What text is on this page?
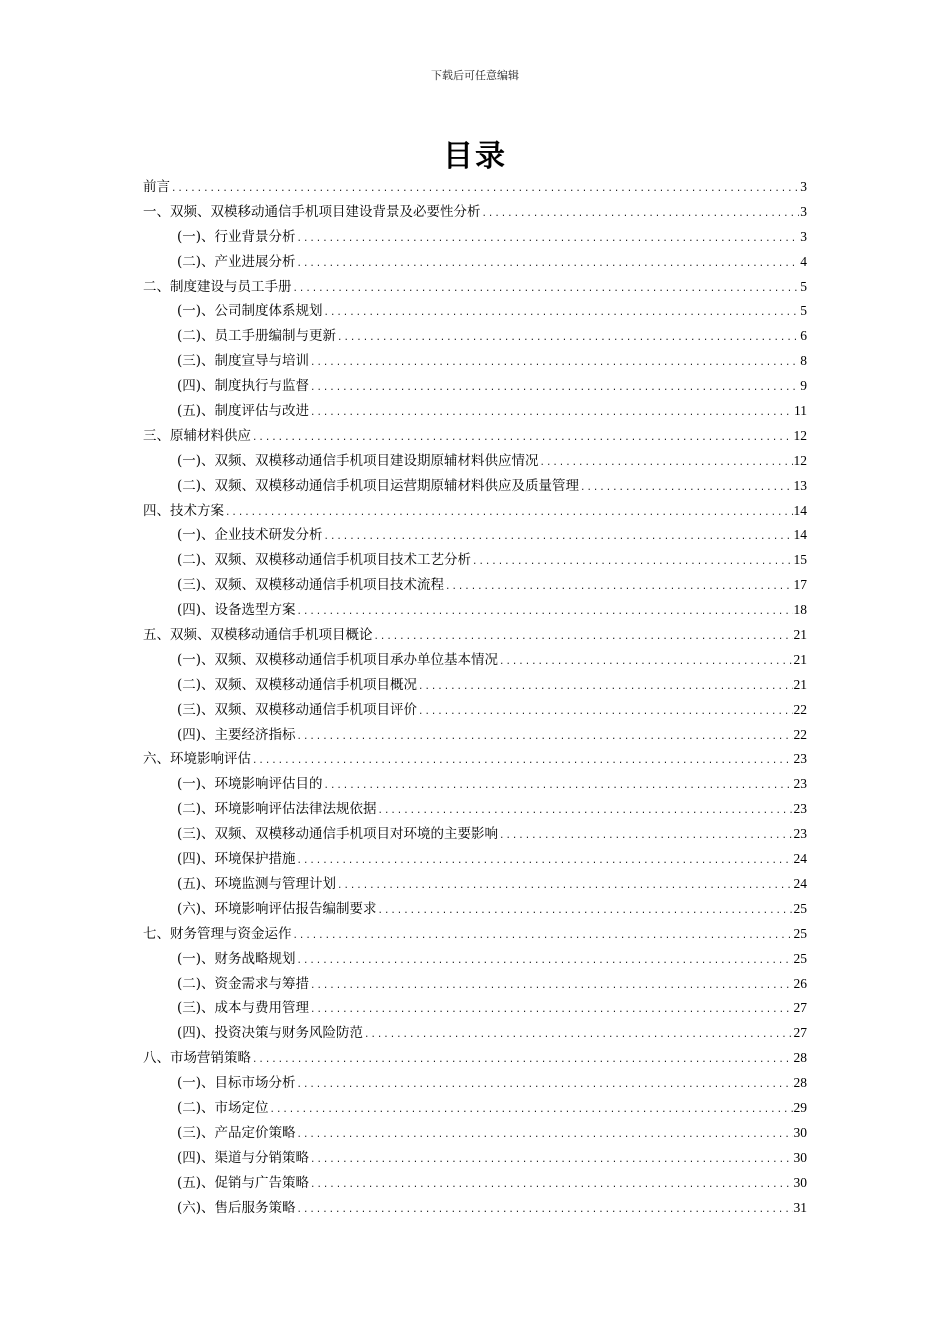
下载后可任意编辑
目录
前言 .....	3
一、双频、双模移动通信手机项目建设背景及必要性分析 .....	3
(一)、行业背景分析 .....	3
(二)、产业进展分析 .....	4
二、制度建设与员工手册 .....	5
(一)、公司制度体系规划 .....	5
(二)、员工手册编制与更新 .....	6
(三)、制度宣导与培训 .....	8
(四)、制度执行与监督 .....	9
(五)、制度评估与改进 .....	11
三、原辅材料供应 .....	12
(一)、双频、双模移动通信手机项目建设期原辅材料供应情况 .....	12
(二)、双频、双模移动通信手机项目运营期原辅材料供应及质量管理 .....	13
四、技术方案 .....	14
(一)、企业技术研发分析 .....	14
(二)、双频、双模移动通信手机项目技术工艺分析 .....	15
(三)、双频、双模移动通信手机项目技术流程 .....	17
(四)、设备选型方案 .....	18
五、双频、双模移动通信手机项目概论 .....	21
(一)、双频、双模移动通信手机项目承办单位基本情况 .....	21
(二)、双频、双模移动通信手机项目概况 .....	21
(三)、双频、双模移动通信手机项目评价 .....	22
(四)、主要经济指标 .....	22
六、环境影响评估 .....	23
(一)、环境影响评估目的 .....	23
(二)、环境影响评估法律法规依据 .....	23
(三)、双频、双模移动通信手机项目对环境的主要影响 .....	23
(四)、环境保护措施 .....	24
(五)、环境监测与管理计划 .....	24
(六)、环境影响评估报告编制要求 .....	25
七、财务管理与资金运作 .....	25
(一)、财务战略规划 .....	25
(二)、资金需求与筹措 .....	26
(三)、成本与费用管理 .....	27
(四)、投资决策与财务风险防范 .....	27
八、市场营销策略 .....	28
(一)、目标市场分析 .....	28
(二)、市场定位 .....	29
(三)、产品定价策略 .....	30
(四)、渠道与分销策略 .....	30
(五)、促销与广告策略 .....	30
(六)、售后服务策略 .....	31
